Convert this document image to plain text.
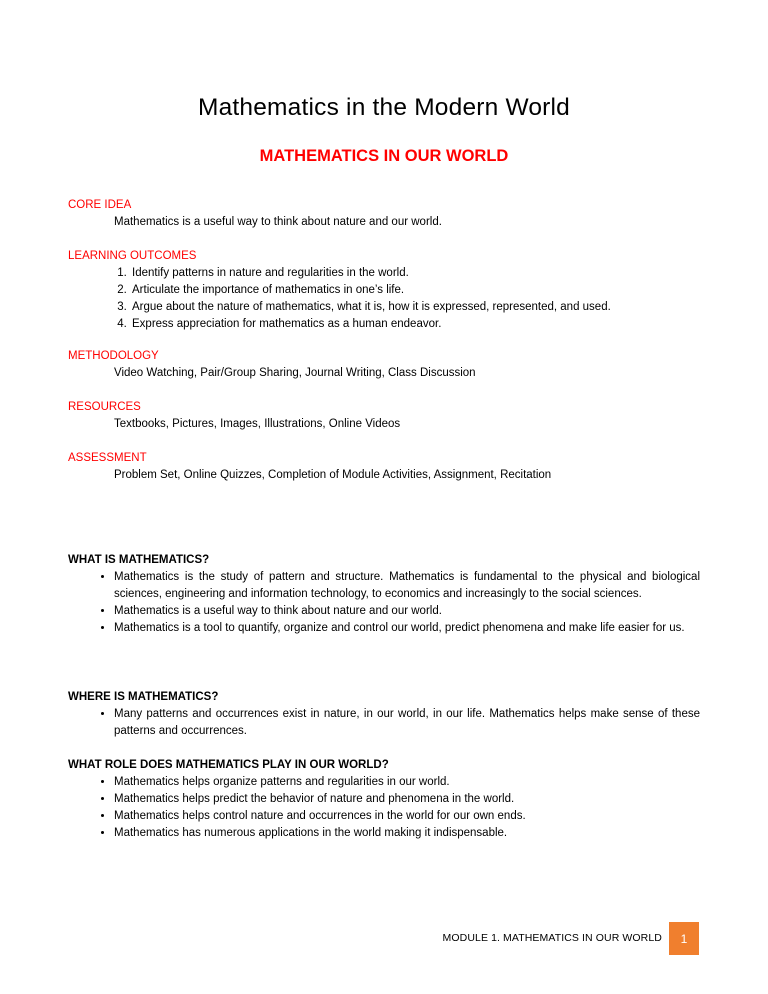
Mathematics in the Modern World
MATHEMATICS IN OUR WORLD

CORE IDEA

Mathematics is a useful way to think about nature and our world.

LEARNING OUTCOMES

1. Identify patterns in nature and regularities in the world.
2. Articulate the importance of mathematics in one’s life.
3. Argue about the nature of mathematics, what it is, how it is expressed, represented, and used.
4. Express appreciation for mathematics as a human endeavor.

METHODOLOGY

Video Watching, Pair/Group Sharing, Journal Writing, Class Discussion

RESOURCES

Textbooks, Pictures, Images, Illustrations, Online Videos

ASSESSMENT

Problem Set, Online Quizzes, Completion of Module Activities, Assignment, Recitation

WHAT IS MATHEMATICS?

• Mathematics is the study of pattern and structure. Mathematics is fundamental to the physical and biological sciences, engineering and information technology, to economics and increasingly to the social sciences.
• Mathematics is a useful way to think about nature and our world.
• Mathematics is a tool to quantify, organize and control our world, predict phenomena and make life easier for us.

WHERE IS MATHEMATICS?

• Many patterns and occurrences exist in nature, in our world, in our life. Mathematics helps make sense of these patterns and occurrences.

WHAT ROLE DOES MATHEMATICS PLAY IN OUR WORLD?

• Mathematics helps organize patterns and regularities in our world.
• Mathematics helps predict the behavior of nature and phenomena in the world.
• Mathematics helps control nature and occurrences in the world for our own ends.
• Mathematics has numerous applications in the world making it indispensable.
MODULE 1. MATHEMATICS IN OUR WORLD	1
